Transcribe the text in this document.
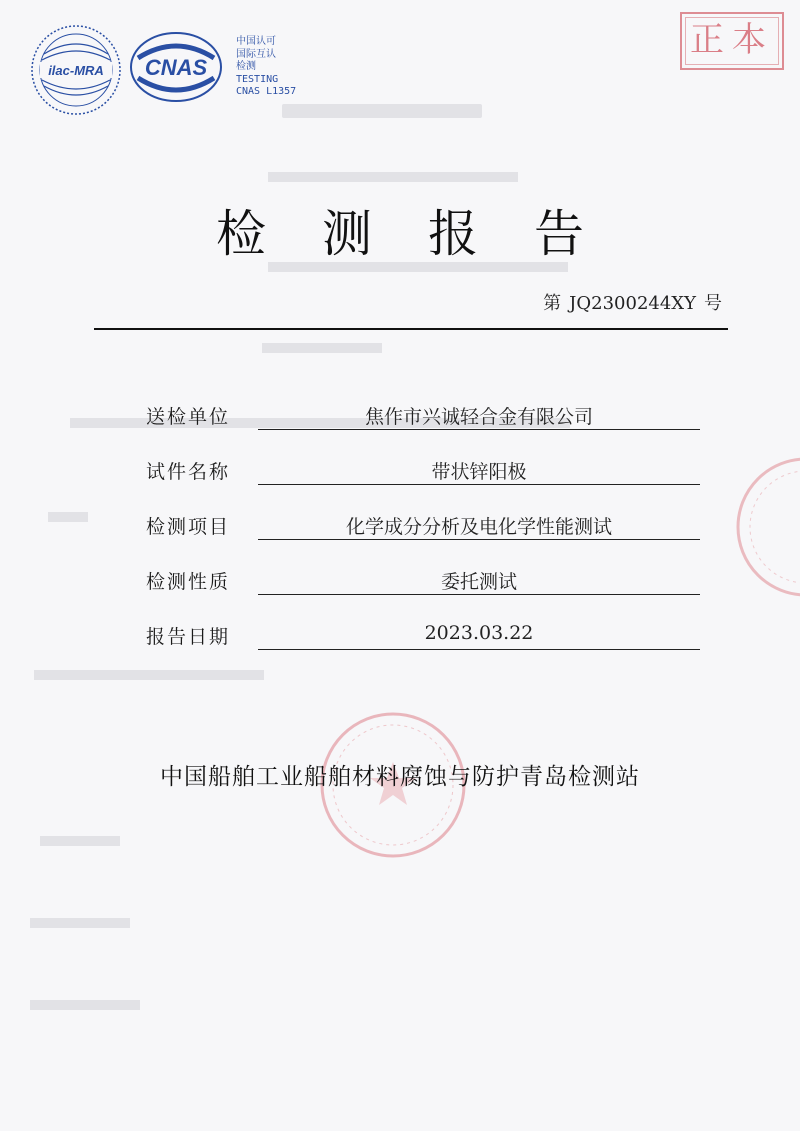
ilac-MRA CNAS
中国认可
国际互认
检测
TESTING
CNAS L1357
正本
检测报告
第 JQ2300244XY 号
送检单位	焦作市兴诚轻合金有限公司
试件名称	带状锌阳极
检测项目	化学成分分析及电化学性能测试
检测性质	委托测试
报告日期	2023.03.22
中国船舶工业船舶材料腐蚀与防护青岛检测站
